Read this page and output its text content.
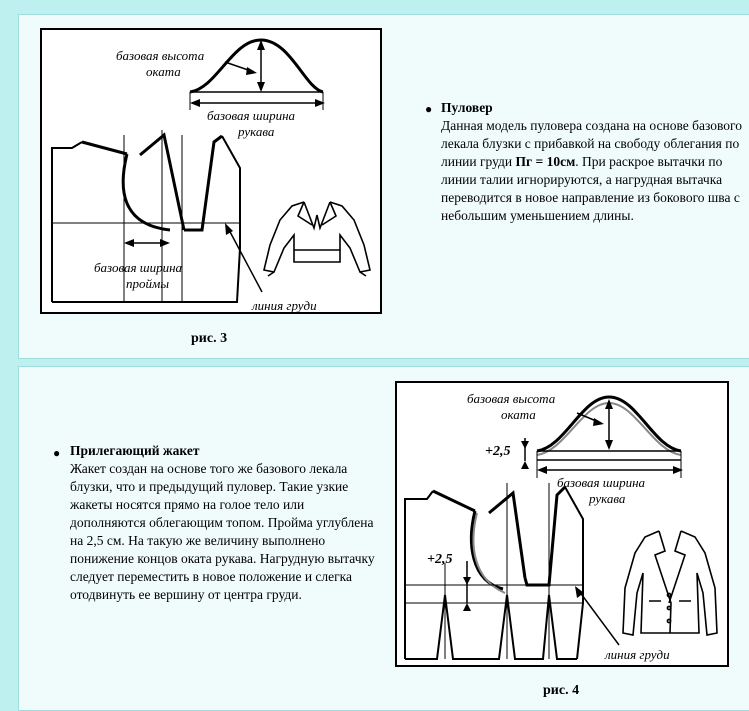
базовая высота
оката
базовая ширина
рукава
базовая ширина
проймы
линия груди
рис. 3
● Пуловер
Данная модель пуловера создана на основе базового лекала блузки с прибавкой на свободу облегания по линии груди Пг = 10см. При раскрое вытачки по линии талии игнорируются, а нагрудная вытачка переводится в новое направление из бокового шва с небольшим уменьшением длины.
● Прилегающий жакет
Жакет создан на основе того же базового лекала блузки, что и предыдущий пуловер. Такие узкие жакеты носятся прямо на голое тело или дополняются облегающим топом. Пройма углублена на 2,5 см. На такую же величину выполнено понижение концов оката рукава. Нагрудную вытачку следует переместить в новое положение и слегка отодвинуть ее вершину от центра груди.
базовая высота
оката
+2,5
базовая ширина
рукава
+2,5
линия груди
рис. 4
